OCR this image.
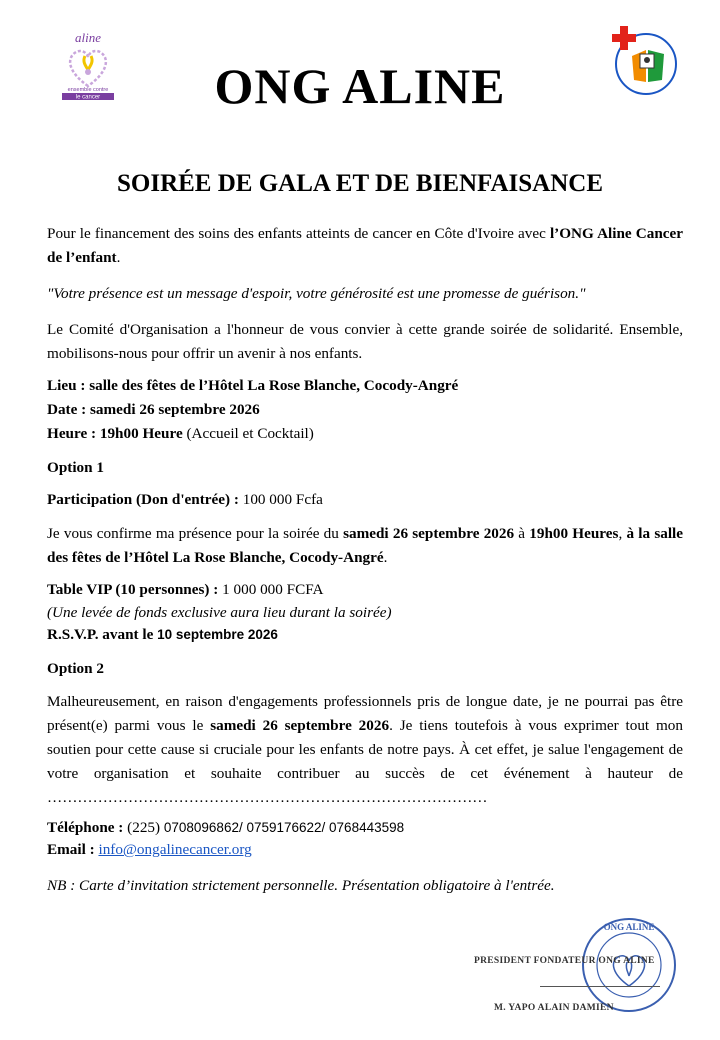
aline
ensemble contre
le cancer	ONG ALINE
SOIRÉE DE GALA ET DE BIENFAISANCE
Pour le financement des soins des enfants atteints de cancer en Côte d'Ivoire avec l’ONG Aline Cancer de l’enfant.
"Votre présence est un message d'espoir, votre générosité est une promesse de guérison."
Le Comité d'Organisation a l'honneur de vous convier à cette grande soirée de solidarité. Ensemble, mobilisons-nous pour offrir un avenir à nos enfants.
Lieu : salle des fêtes de l’Hôtel La Rose Blanche, Cocody-Angré
Date : samedi 26 septembre 2026
Heure : 19h00 Heure (Accueil et Cocktail)
Option 1
Participation (Don d'entrée) : 100 000 Fcfa
Je vous confirme ma présence pour la soirée du samedi 26 septembre 2026 à 19h00 Heures, à la salle des fêtes de l’Hôtel La Rose Blanche, Cocody-Angré.
Table VIP (10 personnes) : 1 000 000 FCFA
(Une levée de fonds exclusive aura lieu durant la soirée)
R.S.V.P. avant le 10 septembre 2026
Option 2
Malheureusement, en raison d'engagements professionnels pris de longue date, je ne pourrai pas être présent(e) parmi vous le samedi 26 septembre 2026. Je tiens toutefois à vous exprimer tout mon soutien pour cette cause si cruciale pour les enfants de notre pays. À cet effet, je salue l'engagement de votre organisation et souhaite contribuer au succès de cet événement à hauteur de ……………………………………………………………………………
Téléphone : (225) 0708096862/ 0759176622/ 0768443598
Email : info@ongalinecancer.org
NB : Carte d’invitation strictement personnelle. Présentation obligatoire à l'entrée.
ONG ALINE
PRESIDENT FONDATEUR ONG ALINE
M. YAPO ALAIN DAMIEN
